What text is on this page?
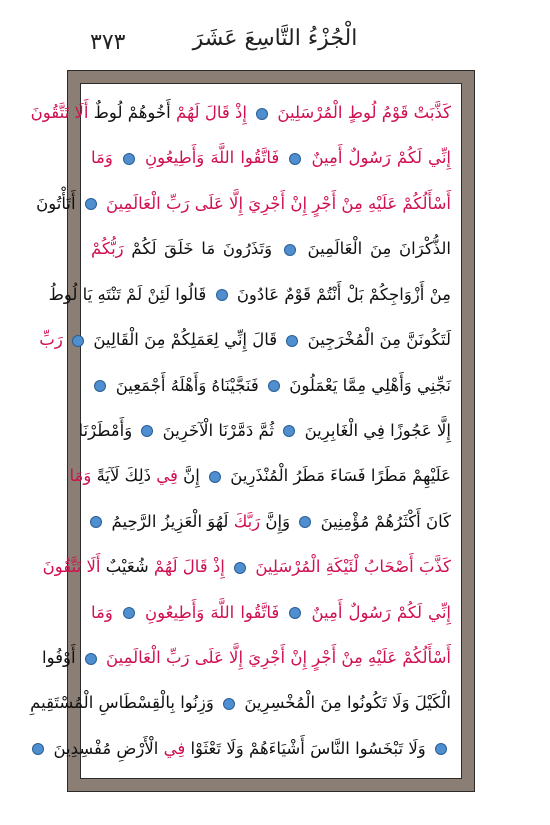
٣٧٣	الْجُزْءُ التَّاسِعَ عَشَرَ
كَذَّبَتْ قَوْمُ لُوطٍ الْمُرْسَلِينَ  إِذْ قَالَ لَهُمْ أَخُوهُمْ لُوطٌ أَلَا تَتَّقُونَ
إِنِّي لَكُمْ رَسُولٌ أَمِينٌ  فَاتَّقُوا اللَّهَ وَأَطِيعُونِ  وَمَا
أَسْأَلُكُمْ عَلَيْهِ مِنْ أَجْرٍ إِنْ أَجْرِيَ إِلَّا عَلَى رَبِّ الْعَالَمِينَ  أَتَأْتُونَ
الذُّكْرَانَ مِنَ الْعَالَمِينَ  وَتَذَرُونَ مَا خَلَقَ لَكُمْ رَبُّكُمْ
مِنْ أَزْوَاجِكُمْ بَلْ أَنْتُمْ قَوْمٌ عَادُونَ  قَالُوا لَئِنْ لَمْ تَنْتَهِ يَا لُوطُ
لَتَكُونَنَّ مِنَ الْمُخْرَجِينَ  قَالَ إِنِّي لِعَمَلِكُمْ مِنَ الْقَالِينَ  رَبِّ
نَجِّنِي وَأَهْلِي مِمَّا يَعْمَلُونَ  فَنَجَّيْنَاهُ وَأَهْلَهُ أَجْمَعِينَ
إِلَّا عَجُوزًا فِي الْغَابِرِينَ  ثُمَّ دَمَّرْنَا الْآخَرِينَ  وَأَمْطَرْنَا
عَلَيْهِمْ مَطَرًا فَسَاءَ مَطَرُ الْمُنْذَرِينَ  إِنَّ فِي ذَلِكَ لَآيَةً وَمَا
كَانَ أَكْثَرُهُمْ مُؤْمِنِينَ  وَإِنَّ رَبَّكَ لَهُوَ الْعَزِيزُ الرَّحِيمُ
كَذَّبَ أَصْحَابُ لْئَيْكَةِ الْمُرْسَلِينَ  إِذْ قَالَ لَهُمْ شُعَيْبٌ أَلَا تَتَّقُونَ
إِنِّي لَكُمْ رَسُولٌ أَمِينٌ  فَاتَّقُوا اللَّهَ وَأَطِيعُونِ  وَمَا
أَسْأَلُكُمْ عَلَيْهِ مِنْ أَجْرٍ إِنْ أَجْرِيَ إِلَّا عَلَى رَبِّ الْعَالَمِينَ  أَوْفُوا
الْكَيْلَ وَلَا تَكُونُوا مِنَ الْمُخْسِرِينَ  وَزِنُوا بِالْقِسْطَاسِ الْمُسْتَقِيمِ
وَلَا تَبْخَسُوا النَّاسَ أَشْيَاءَهُمْ وَلَا تَعْثَوْا فِي الْأَرْضِ مُفْسِدِينَ
